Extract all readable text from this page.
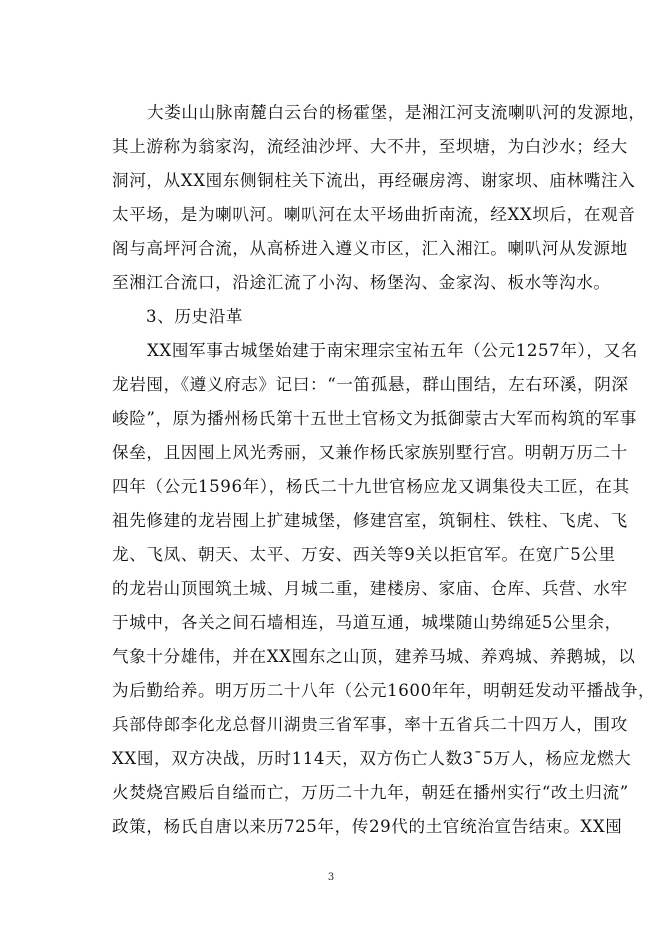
大娄山山脉南麓白云台的杨霍堡，是湘江河支流喇叭河的发源地，
其上游称为翁家沟，流经油沙坪、大不井，至坝塘，为白沙水；经大
洞河，从XX囤东侧铜柱关下流出，再经碾房湾、谢家坝、庙林嘴注入
太平场，是为喇叭河。喇叭河在太平场曲折南流，经XX坝后，在观音
阁与高坪河合流，从高桥进入遵义市区，汇入湘江。喇叭河从发源地
至湘江合流口，沿途汇流了小沟、杨堡沟、金家沟、板水等沟水。
3、历史沿革
XX囤军事古城堡始建于南宋理宗宝祐五年（公元1257年），又名
龙岩囤，《遵义府志》记曰：“一笛孤悬，群山围结，左右环溪，阴深
峻险”，原为播州杨氏第十五世土官杨文为抵御蒙古大军而构筑的军事
保垒，且因囤上风光秀丽，又兼作杨氏家族别墅行宫。明朝万历二十
四年（公元1596年），杨氏二十九世官杨应龙又调集役夫工匠，在其
祖先修建的龙岩囤上扩建城堡，修建宫室，筑铜柱、铁柱、飞虎、飞
龙、飞凤、朝天、太平、万安、西关等9关以拒官军。在宽广5公里
的龙岩山顶囤筑土城、月城二重，建楼房、家庙、仓库、兵营、水牢
于城中，各关之间石墙相连，马道互通，城堞随山势绵延5公里余，
气象十分雄伟，并在XX囤东之山顶，建养马城、养鸡城、养鹅城，以
为后勤给养。明万历二十八年（公元1600年年，明朝廷发动平播战争，
兵部侍郎李化龙总督川湖贵三省军事，率十五省兵二十四万人，围攻
XX囤，双方决战，历时114天，双方伤亡人数3¯5万人，杨应龙燃大
火焚烧宫殿后自缢而亡，万历二十九年，朝廷在播州实行“改土归流”
政策，杨氏自唐以来历725年，传29代的土官统治宣告结束。XX囤
3
